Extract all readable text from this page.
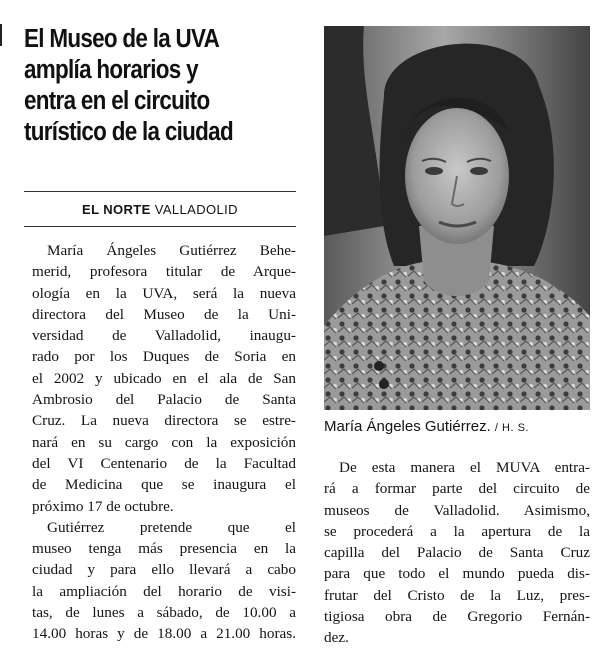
El Museo de la UVA
amplía horarios y
entra en el circuito
turístico de la ciudad
EL NORTE VALLADOLID
María Ángeles Gutiérrez Behe-
merid, profesora titular de Arque-
ología en la UVA, será la nueva
directora del Museo de la Uni-
versidad de Valladolid, inaugu-
rado por los Duques de Soria en
el 2002 y ubicado en el ala de San
Ambrosio del Palacio de Santa
Cruz. La nueva directora se estre-
nará en su cargo con la exposición
del VI Centenario de la Facultad
de Medicina que se inaugura el
próximo 17 de octubre.
Gutiérrez pretende que el
museo tenga más presencia en la
ciudad y para ello llevará a cabo
la ampliación del horario de visi-
tas, de lunes a sábado, de 10.00 a
14.00 horas y de 18.00 a 21.00 horas.
María Ángeles Gutiérrez. / H. S.
De esta manera el MUVA entra-
rá a formar parte del circuito de
museos de Valladolid. Asimismo,
se procederá a la apertura de la
capilla del Palacio de Santa Cruz
para que todo el mundo pueda dis-
frutar del Cristo de la Luz, pres-
tigiosa obra de Gregorio Fernán-
dez.
